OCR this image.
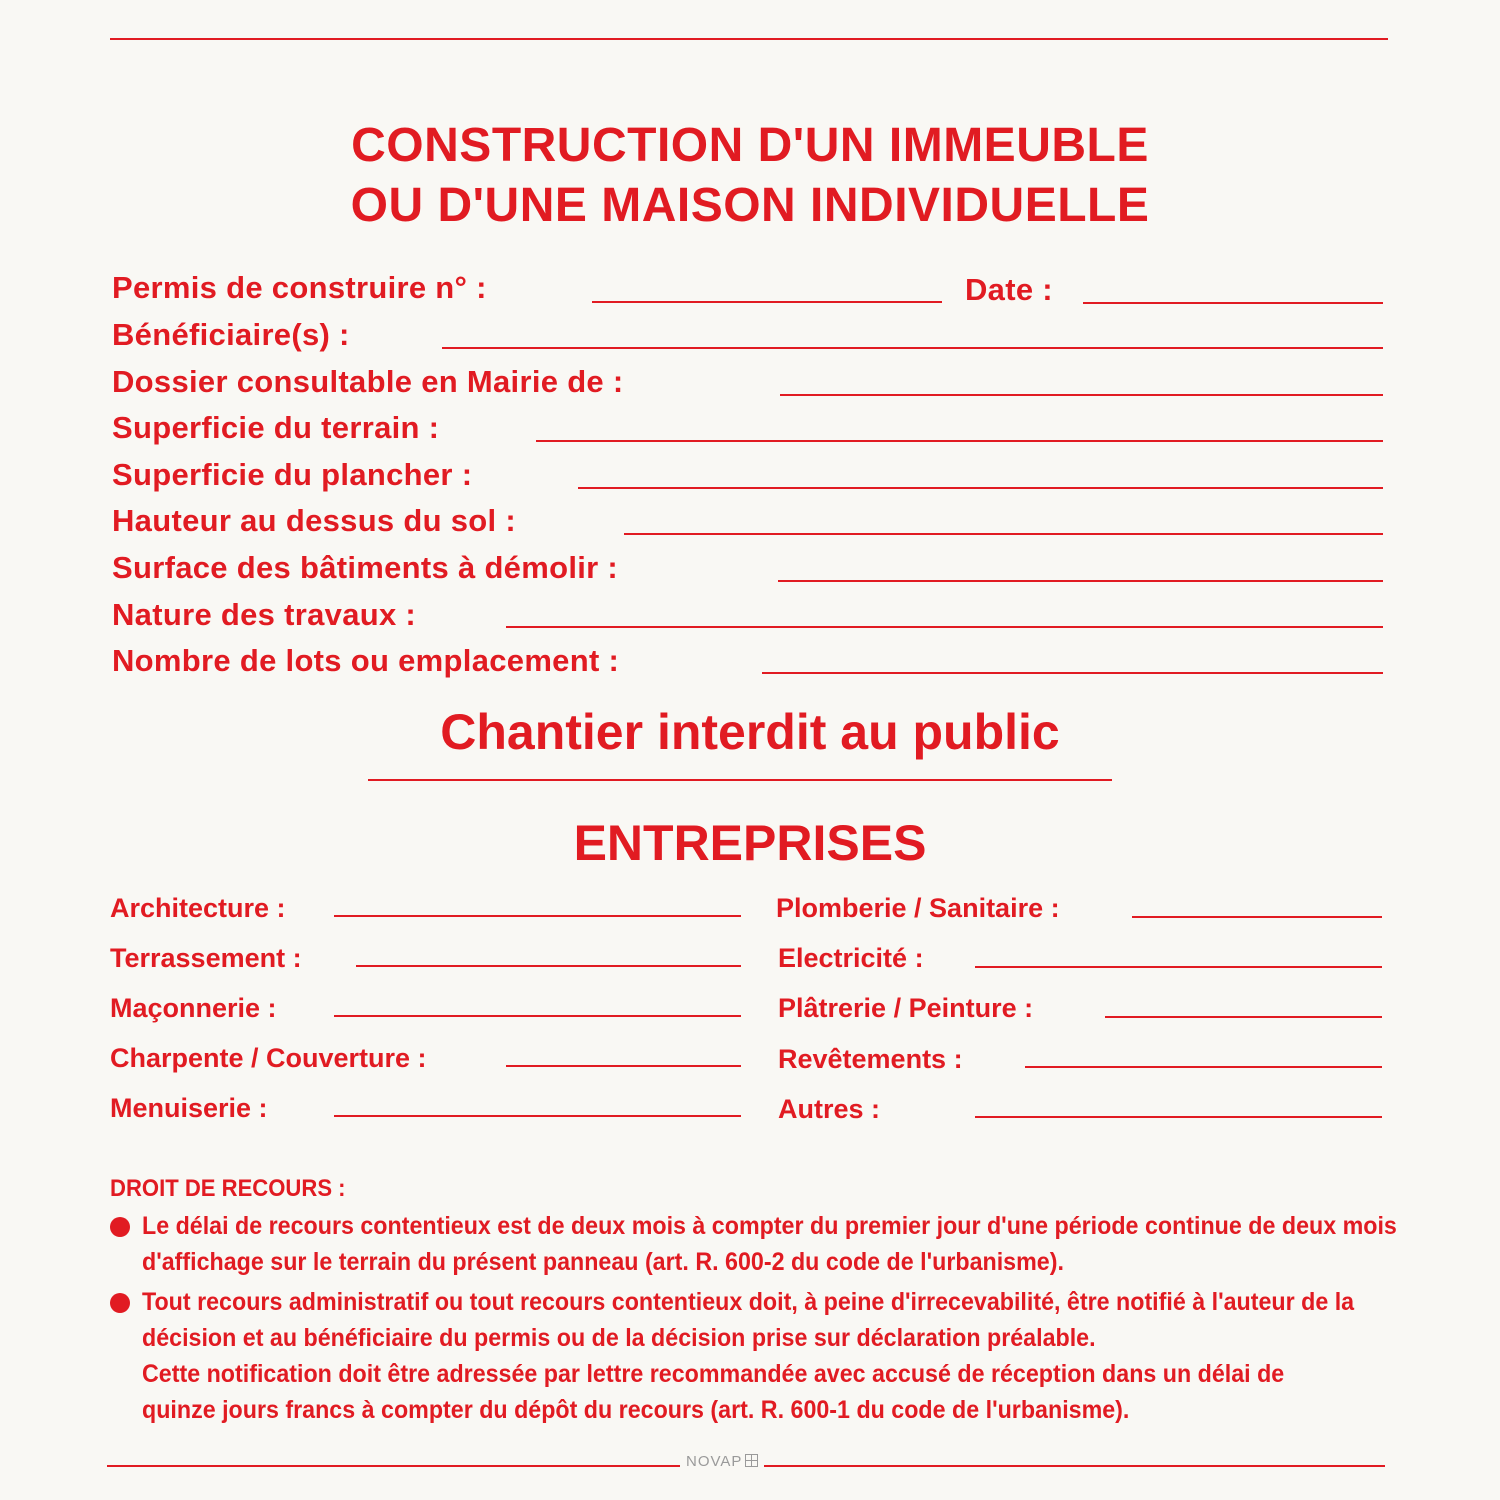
CONSTRUCTION D'UN IMMEUBLE
OU D'UNE MAISON INDIVIDUELLE
Permis de construire n° :	Date :
Bénéficiaire(s) :
Dossier consultable en Mairie de :
Superficie du terrain :
Superficie du plancher :
Hauteur au dessus du sol :
Surface des bâtiments à démolir :
Nature des travaux :
Nombre de lots ou emplacement :
Chantier interdit au public
ENTREPRISES
Architecture :
Terrassement :
Maçonnerie :
Charpente / Couverture :
Menuiserie :
Plomberie / Sanitaire :
Electricité :
Plâtrerie / Peinture :
Revêtements :
Autres :
DROIT DE RECOURS :
Le délai de recours contentieux est de deux mois à compter du premier jour d'une période continue de deux mois
d'affichage sur le terrain du présent panneau (art. R. 600-2 du code de l'urbanisme).
Tout recours administratif ou tout recours contentieux doit, à peine d'irrecevabilité, être notifié à l'auteur de la
décision et au bénéficiaire du permis ou de la décision prise sur déclaration préalable.
Cette notification doit être adressée par lettre recommandée avec accusé de réception dans un délai de
quinze jours francs à compter du dépôt du recours (art. R. 600-1 du code de l'urbanisme).
NOVAP
